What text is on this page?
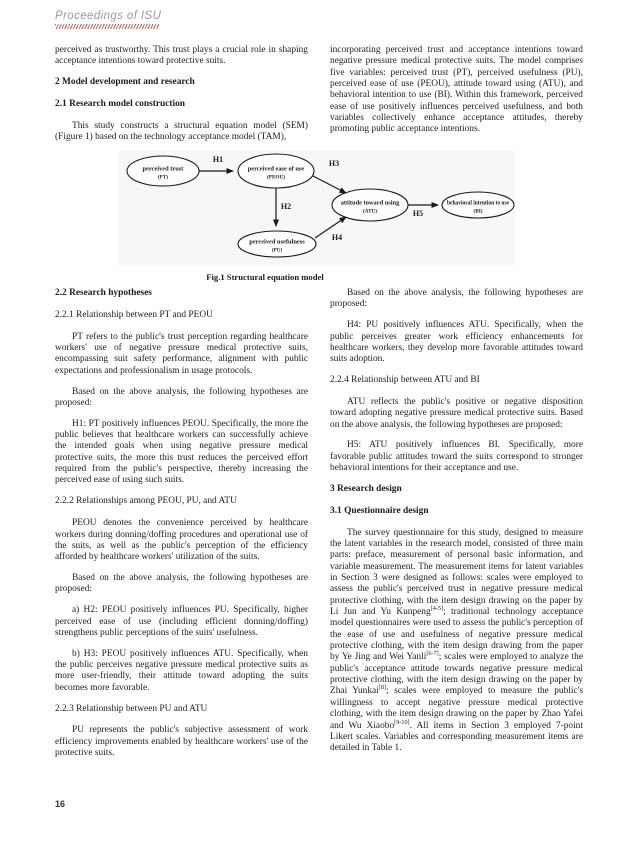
Proceedings of ISU
perceived as trustworthy. This trust plays a crucial role in shaping acceptance intentions toward protective suits.
2 Model development and research
2.1 Research model construction
This study constructs a structural equation model (SEM) (Figure 1) based on the technology acceptance model (TAM),
incorporating perceived trust and acceptance intentions toward negative pressure medical protective suits. The model comprises five variables: perceived trust (PT), perceived usefulness (PU), perceived ease of use (PEOU), attitude toward using (ATU), and behavioral intention to use (BI). Within this framework, perceived ease of use positively influences perceived usefulness, and both variables collectively enhance acceptance attitudes, thereby promoting public acceptance intentions.
H1
H2
H3
H4
H5
perceived trust
(PT)
perceived ease of use
(PEOU)
perceived usefulness
(PU)
attitude toward using
(ATU)
behavioral intention to use
(BI)
Fig.1 Structural equation model
2.2 Research hypotheses
2.2.1 Relationship between PT and PEOU
PT refers to the public's trust perception regarding healthcare workers' use of negative pressure medical protective suits, encompassing suit safety performance, alignment with public expectations and professionalism in usage protocols.
Based on the above analysis, the following hypotheses are proposed:
H1: PT positively influences PEOU. Specifically, the more the public believes that healthcare workers can successfully achieve the intended goals when using negative pressure medical protective suits, the more this trust reduces the perceived effort required from the public's perspective, thereby increasing the perceived ease of using such suits.
2.2.2 Relationships among PEOU, PU, and ATU
PEOU denotes the convenience perceived by healthcare workers during donning/doffing procedures and operational use of the suits, as well as the public's perception of the efficiency afforded by healthcare workers' utilization of the suits.
Based on the above analysis, the following hypotheses are proposed:
a) H2: PEOU positively influences PU. Specifically, higher perceived ease of use (including efficient donning/doffing) strengthens public perceptions of the suits' usefulness.
b) H3: PEOU positively influences ATU. Specifically, when the public perceives negative pressure medical protective suits as more user-friendly, their attitude toward adopting the suits becomes more favorable.
2.2.3 Relationship between PU and ATU
PU represents the public's subjective assessment of work efficiency improvements enabled by healthcare workers' use of the protective suits.
Based on the above analysis, the following hypotheses are proposed:
H4: PU positively influences ATU. Specifically, when the public perceives greater work efficiency enhancements for healthcare workers, they develop more favorable attitudes toward suits adoption.
2.2.4 Relationship between ATU and BI
ATU reflects the public's positive or negative disposition toward adopting negative pressure medical protective suits. Based on the above analysis, the following hypotheses are proposed:
H5: ATU positively influences BI. Specifically, more favorable public attitudes toward the suits correspond to stronger behavioral intentions for their acceptance and use.
3 Research design
3.1 Questionnaire design
The survey questionnaire for this study, designed to measure the latent variables in the research model, consisted of three main parts: preface, measurement of personal basic information, and variable measurement. The measurement items for latent variables in Section 3 were designed as follows: scales were employed to assess the public's perceived trust in negative pressure medical protective clothing, with the item design drawing on the paper by Li Jun and Yu Kunpeng[4-5]; traditional technology acceptance model questionnaires were used to assess the public's perception of the ease of use and usefulness of negative pressure medical protective clothing, with the item design drawing from the paper by Ye Jing and Wei Yanli[6-7]; scales were employed to analyze the public's acceptance attitude towards negative pressure medical protective clothing, with the item design drawing on the paper by Zhai Yunkai[8]; scales were employed to measure the public's willingness to accept negative pressure medical protective clothing, with the item design drawing on the paper by Zhao Yafei and Wu Xiaobo[9-10]. All items in Section 3 employed 7-point Likert scales. Variables and corresponding measurement items are detailed in Table 1.
16
